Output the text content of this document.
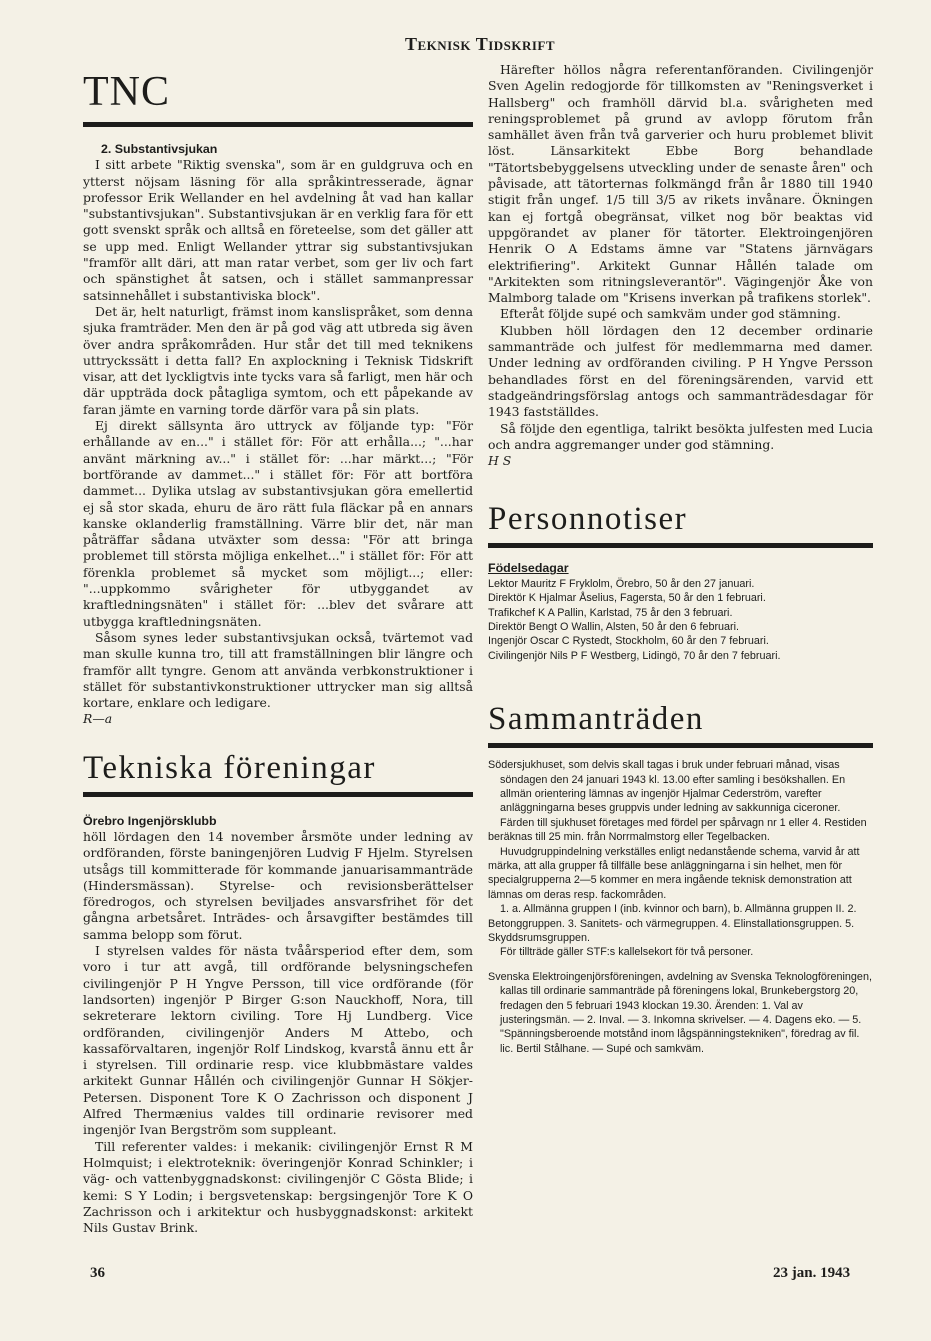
Teknisk Tidskrift
TNC

2. Substantivsjukan

I sitt arbete "Riktig svenska", som är en guldgruva och en ytterst nöjsam läsning för alla språkintresserade, ägnar professor Erik Wellander en hel avdelning åt vad han kallar "substantivsjukan". Substantivsjukan är en verklig fara för ett gott svenskt språk och alltså en företeelse, som det gäller att se upp med. Enligt Wellander yttrar sig substantivsjukan "framför allt däri, att man ratar verbet, som ger liv och fart och spänstighet åt satsen, och i stället sammanpressar satsinnehållet i substantiviska block".

Det är, helt naturligt, främst inom kanslispråket, som denna sjuka framträder. Men den är på god väg att utbreda sig även över andra språkområden. Hur står det till med teknikens uttryckssätt i detta fall? En axplockning i Teknisk Tidskrift visar, att det lyckligtvis inte tycks vara så farligt, men här och där uppträda dock påtagliga symtom, och ett påpekande av faran jämte en varning torde därför vara på sin plats.

Ej direkt sällsynta äro uttryck av följande typ: "För erhållande av en..." i stället för: För att erhålla...; "...har använt märkning av..." i stället för: ...har märkt...; "För bortförande av dammet..." i stället för: För att bortföra dammet... Dylika utslag av substantivsjukan göra emellertid ej så stor skada, ehuru de äro rätt fula fläckar på en annars kanske oklanderlig framställning. Värre blir det, när man påträffar sådana utväxter som dessa: "För att bringa problemet till största möjliga enkelhet..." i stället för: För att förenkla problemet så mycket som möjligt...; eller: "...uppkommo svårigheter för utbyggandet av kraftledningsnäten" i stället för: ...blev det svårare att utbygga kraftledningsnäten.

Såsom synes leder substantivsjukan också, tvärtemot vad man skulle kunna tro, till att framställningen blir längre och framför allt tyngre. Genom att använda verbkonstruktioner i stället för substantivkonstruktioner uttrycker man sig alltså kortare, enklare och ledigare.

R—a

Tekniska föreningar

Örebro Ingenjörsklubb

höll lördagen den 14 november årsmöte under ledning av ordföranden, förste baningenjören Ludvig F Hjelm. Styrelsen utsågs till kommitterade för kommande januarisammanträde (Hindersmässan). Styrelse- och revisionsberättelser föredrogos, och styrelsen beviljades ansvarsfrihet för det gångna arbetsåret. Inträdes- och årsavgifter bestämdes till samma belopp som förut.

I styrelsen valdes för nästa tvåårsperiod efter dem, som voro i tur att avgå, till ordförande belysningschefen civilingenjör P H Yngve Persson, till vice ordförande (för landsorten) ingenjör P Birger G:son Nauckhoff, Nora, till sekreterare lektorn civiling. Tore Hj Lundberg. Vice ordföranden, civilingenjör Anders M Attebo, och kassaförvaltaren, ingenjör Rolf Lindskog, kvarstå ännu ett år i styrelsen. Till ordinarie resp. vice klubbmästare valdes arkitekt Gunnar Hållén och civilingenjör Gunnar H Sökjer-Petersen. Disponent Tore K O Zachrisson och disponent J Alfred Thermænius valdes till ordinarie revisorer med ingenjör Ivan Bergström som suppleant.

Till referenter valdes: i mekanik: civilingenjör Ernst R M Holmquist; i elektroteknik: överingenjör Konrad Schinkler; i väg- och vattenbyggnadskonst: civilingenjör C Gösta Blide; i kemi: S Y Lodin; i bergsvetenskap: bergsingenjör Tore K O Zachrisson och i arkitektur och husbyggnadskonst: arkitekt Nils Gustav Brink.

Härefter höllos några referentanföranden. Civilingenjör Sven Agelin redogjorde för tillkomsten av "Reningsverket i Hallsberg" och framhöll därvid bl.a. svårigheten med reningsproblemet på grund av avlopp förutom från samhället även från två garverier och huru problemet blivit löst. Länsarkitekt Ebbe Borg behandlade "Tätortsbebyggelsens utveckling under de senaste åren" och påvisade, att tätorternas folkmängd från år 1880 till 1940 stigit från ungef. 1/5 till 3/5 av rikets invånare. Ökningen kan ej fortgå obegränsat, vilket nog bör beaktas vid uppgörandet av planer för tätorter. Elektroingenjören Henrik O A Edstams ämne var "Statens järnvägars elektrifiering". Arkitekt Gunnar Hållén talade om "Arkitekten som ritningsleverantör". Vägingenjör Åke von Malmborg talade om "Krisens inverkan på trafikens storlek".

Efteråt följde supé och samkväm under god stämning.

Klubben höll lördagen den 12 december ordinarie sammanträde och julfest för medlemmarna med damer. Under ledning av ordföranden civiling. P H Yngve Persson behandlades först en del föreningsärenden, varvid ett stadgeändringsförslag antogs och sammanträdesdagar för 1943 fastställdes.

Så följde den egentliga, talrikt besökta julfesten med Lucia och andra aggremanger under god stämning.

H S

Personnotiser

Födelsedagar

Lektor Mauritz F Fryklolm, Örebro, 50 år den 27 januari.

Direktör K Hjalmar Åselius, Fagersta, 50 år den 1 februari.

Trafikchef K A Pallin, Karlstad, 75 år den 3 februari.

Direktör Bengt O Wallin, Alsten, 50 år den 6 februari.

Ingenjör Oscar C Rystedt, Stockholm, 60 år den 7 februari.

Civilingenjör Nils P F Westberg, Lidingö, 70 år den 7 februari.

Sammanträden

Södersjukhuset, som delvis skall tagas i bruk under februari månad, visas söndagen den 24 januari 1943 kl. 13.00 efter samling i besökshallen. En allmän orientering lämnas av ingenjör Hjalmar Cederström, varefter anläggningarna beses gruppvis under ledning av sakkunniga ciceroner.

Färden till sjukhuset företages med fördel per spårvagn nr 1 eller 4. Restiden beräknas till 25 min. från Norrmalmstorg eller Tegelbacken.

Huvudgruppindelning verkställes enligt nedanstående schema, varvid år att märka, att alla grupper få tillfälle bese anläggningarna i sin helhet, men för specialgrupperna 2—5 kommer en mera ingående teknisk demonstration att lämnas om deras resp. fackområden.

1. a. Allmänna gruppen I (inb. kvinnor och barn), b. Allmänna gruppen II. 2. Betonggruppen. 3. Sanitets- och värmegruppen. 4. Elinstallationsgruppen. 5. Skyddsrumsgruppen.

För tillträde gäller STF:s kallelsekort för två personer.

Svenska Elektroingenjörsföreningen, avdelning av Svenska Teknologföreningen, kallas till ordinarie sammanträde på föreningens lokal, Brunkebergstorg 20, fredagen den 5 februari 1943 klockan 19.30. Ärenden: 1. Val av justeringsmän. — 2. Inval. — 3. Inkomna skrivelser. — 4. Dagens eko. — 5. "Spänningsberoende motstånd inom lågspänningstekniken", föredrag av fil. lic. Bertil Stålhane. — Supé och samkväm.

36	23 jan. 1943
